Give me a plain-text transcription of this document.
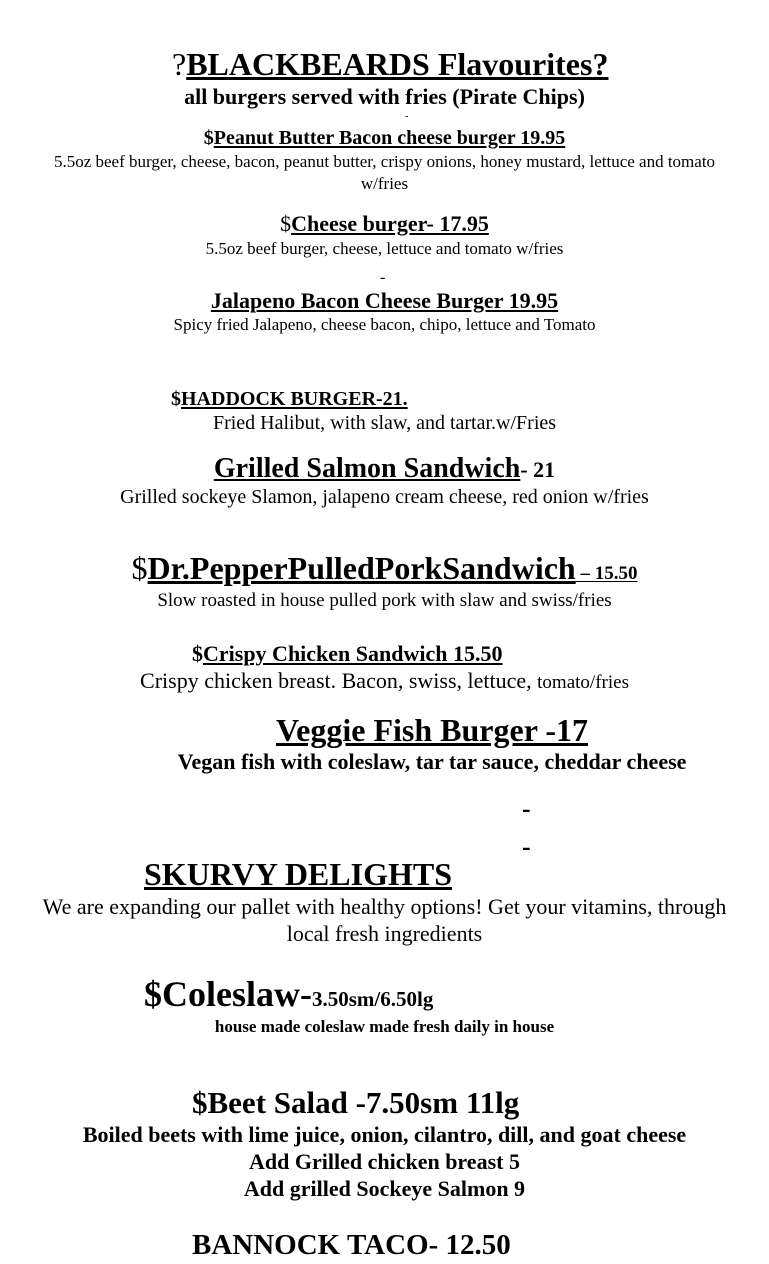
?BLACKBEARDS Flavourites?
all burgers served with fries (Pirate Chips)
-
$Peanut Butter Bacon cheese burger 19.95
5.5oz beef burger, cheese, bacon, peanut butter, crispy onions, honey mustard, lettuce and tomato
w/fries
$Cheese burger- 17.95
5.5oz beef burger, cheese, lettuce and tomato w/fries
-
Jalapeno Bacon Cheese Burger 19.95
Spicy fried Jalapeno, cheese bacon, chipo, lettuce and Tomato
$HADDOCK BURGER-21.
Fried Halibut, with slaw, and tartar.w/Fries
Grilled Salmon Sandwich- 21
Grilled sockeye Slamon, jalapeno cream cheese, red onion w/fries
$Dr.PepperPulledPorkSandwich – 15.50
Slow roasted in house pulled pork with slaw and swiss/fries
$Crispy Chicken Sandwich 15.50
Crispy chicken breast. Bacon, swiss, lettuce, tomato/fries
Veggie Fish Burger -17
Vegan fish with coleslaw, tar tar sauce, cheddar cheese
-
-
SKURVY DELIGHTS
We are expanding our pallet with healthy options! Get your vitamins, through
local fresh ingredients
$Coleslaw-3.50sm/6.50lg
house made coleslaw made fresh daily in house
$Beet Salad -7.50sm 11lg
Boiled beets with lime juice, onion, cilantro, dill, and goat cheese
Add Grilled chicken breast 5
Add grilled Sockeye Salmon 9
BANNOCK TACO- 12.50
